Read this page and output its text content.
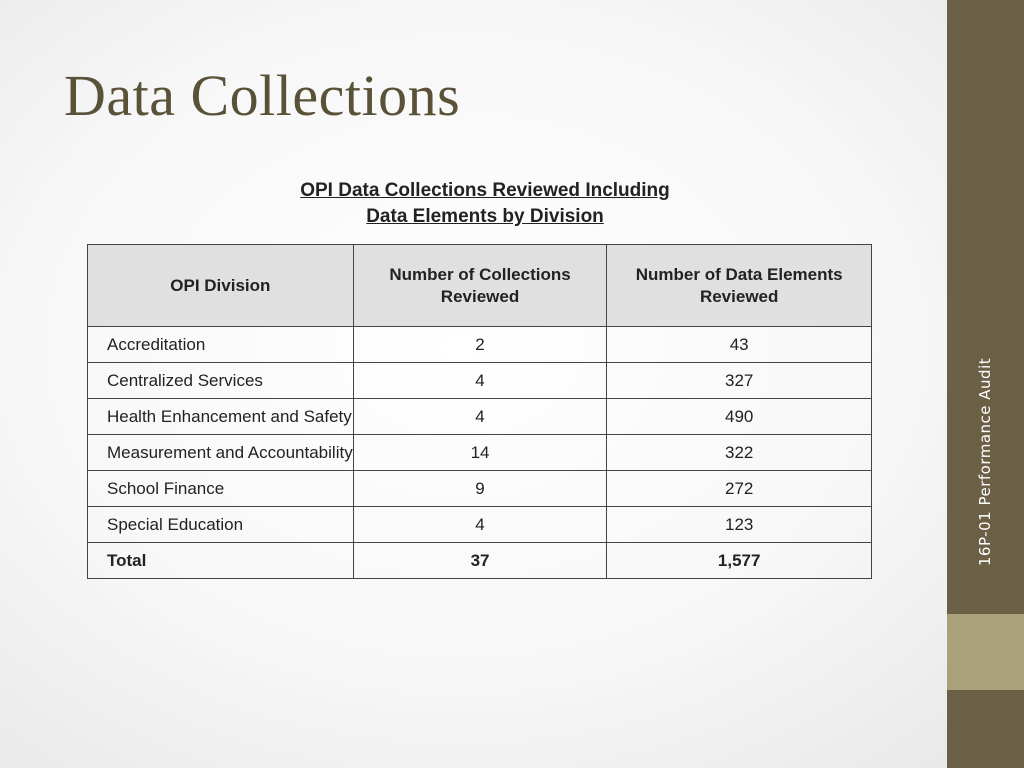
Data Collections
16P-01 Performance Audit
OPI Data Collections Reviewed Including
Data Elements by Division
OPI Division	Number of Collections Reviewed	Number of Data Elements Reviewed
Accreditation	2	43
Centralized Services	4	327
Health Enhancement and Safety	4	490
Measurement and Accountability	14	322
School Finance	9	272
Special Education	4	123
Total	37	1,577
